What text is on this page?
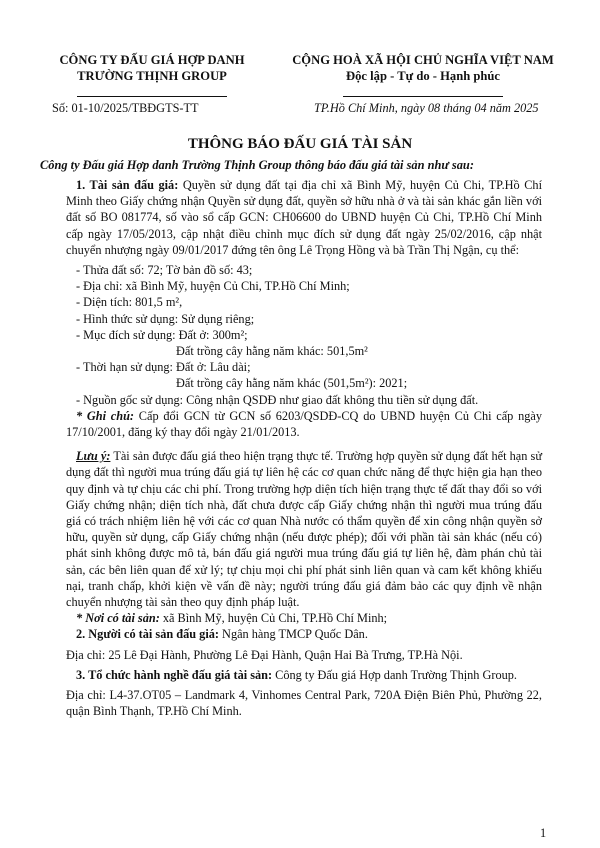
CÔNG TY ĐẤU GIÁ HỢP DANH
TRƯỜNG THỊNH GROUP
CỘNG HOÀ XÃ HỘI CHỦ NGHĨA VIỆT NAM
Độc lập - Tự do - Hạnh phúc
Số: 01-10/2025/TBĐGTS-TT	TP.Hồ Chí Minh, ngày 08 tháng 04 năm 2025
THÔNG BÁO ĐẤU GIÁ TÀI SẢN
Công ty Đấu giá Hợp danh Trường Thịnh Group thông báo đấu giá tài sản như sau:

1. Tài sản đấu giá: Quyền sử dụng đất tại địa chỉ xã Bình Mỹ, huyện Củ Chi, TP.Hồ Chí Minh theo Giấy chứng nhận Quyền sử dụng đất, quyền sở hữu nhà ở và tài sản khác gắn liền với đất số BO 081774, số vào sổ cấp GCN: CH06600 do UBND huyện Củ Chi, TP.Hồ Chí Minh cấp ngày 17/05/2013, cập nhật điều chỉnh mục đích sử dụng đất ngày 25/02/2016, cập nhật chuyển nhượng ngày 09/01/2017 đứng tên ông Lê Trọng Hồng và bà Trần Thị Ngận, cụ thể:

- Thửa đất số: 72; Tờ bản đồ số: 43;

- Địa chỉ: xã Bình Mỹ, huyện Củ Chi, TP.Hồ Chí Minh;

- Diện tích: 801,5 m²,

- Hình thức sử dụng: Sử dụng riêng;

- Mục đích sử dụng: Đất ở: 300m²;

Đất trồng cây hằng năm khác: 501,5m²

- Thời hạn sử dụng: Đất ở: Lâu dài;

Đất trồng cây hằng năm khác (501,5m²): 2021;

- Nguồn gốc sử dụng: Công nhận QSDĐ như giao đất không thu tiền sử dụng đất.

* Ghi chú: Cấp đổi GCN từ GCN số 6203/QSDĐ-CQ do UBND huyện Củ Chi cấp ngày 17/10/2001, đăng ký thay đổi ngày 21/01/2013.

Lưu ý: Tài sản được đấu giá theo hiện trạng thực tế. Trường hợp quyền sử dụng đất hết hạn sử dụng đất thì người mua trúng đấu giá tự liên hệ các cơ quan chức năng để thực hiện gia hạn theo quy định và tự chịu các chi phí. Trong trường hợp diện tích hiện trạng thực tế đất thay đổi so với Giấy chứng nhận; diện tích nhà, đất chưa được cấp Giấy chứng nhận thì người mua trúng đấu giá có trách nhiệm liên hệ với các cơ quan Nhà nước có thẩm quyền để xin công nhận quyền sở hữu, quyền sử dụng, cấp Giấy chứng nhận (nếu được phép); đối với phần tài sản khác (nếu có) phát sinh không được mô tả, bán đấu giá người mua trúng đấu giá tự liên hệ, đàm phán chủ tài sản, các bên liên quan để xử lý; tự chịu mọi chi phí phát sinh liên quan và cam kết không khiếu nại, tranh chấp, khởi kiện về vấn đề này; người trúng đấu giá đảm bảo các quy định về nhận chuyển nhượng tài sản theo quy định pháp luật.

* Nơi có tài sản: xã Bình Mỹ, huyện Củ Chi, TP.Hồ Chí Minh;

2. Người có tài sản đấu giá: Ngân hàng TMCP Quốc Dân.

Địa chỉ: 25 Lê Đại Hành, Phường Lê Đại Hành, Quận Hai Bà Trưng, TP.Hà Nội.

3. Tổ chức hành nghề đấu giá tài sản: Công ty Đấu giá Hợp danh Trường Thịnh Group.

Địa chỉ: L4-37.OT05 – Landmark 4, Vinhomes Central Park, 720A Điện Biên Phủ, Phường 22, quận Bình Thạnh, TP.Hồ Chí Minh.

1
